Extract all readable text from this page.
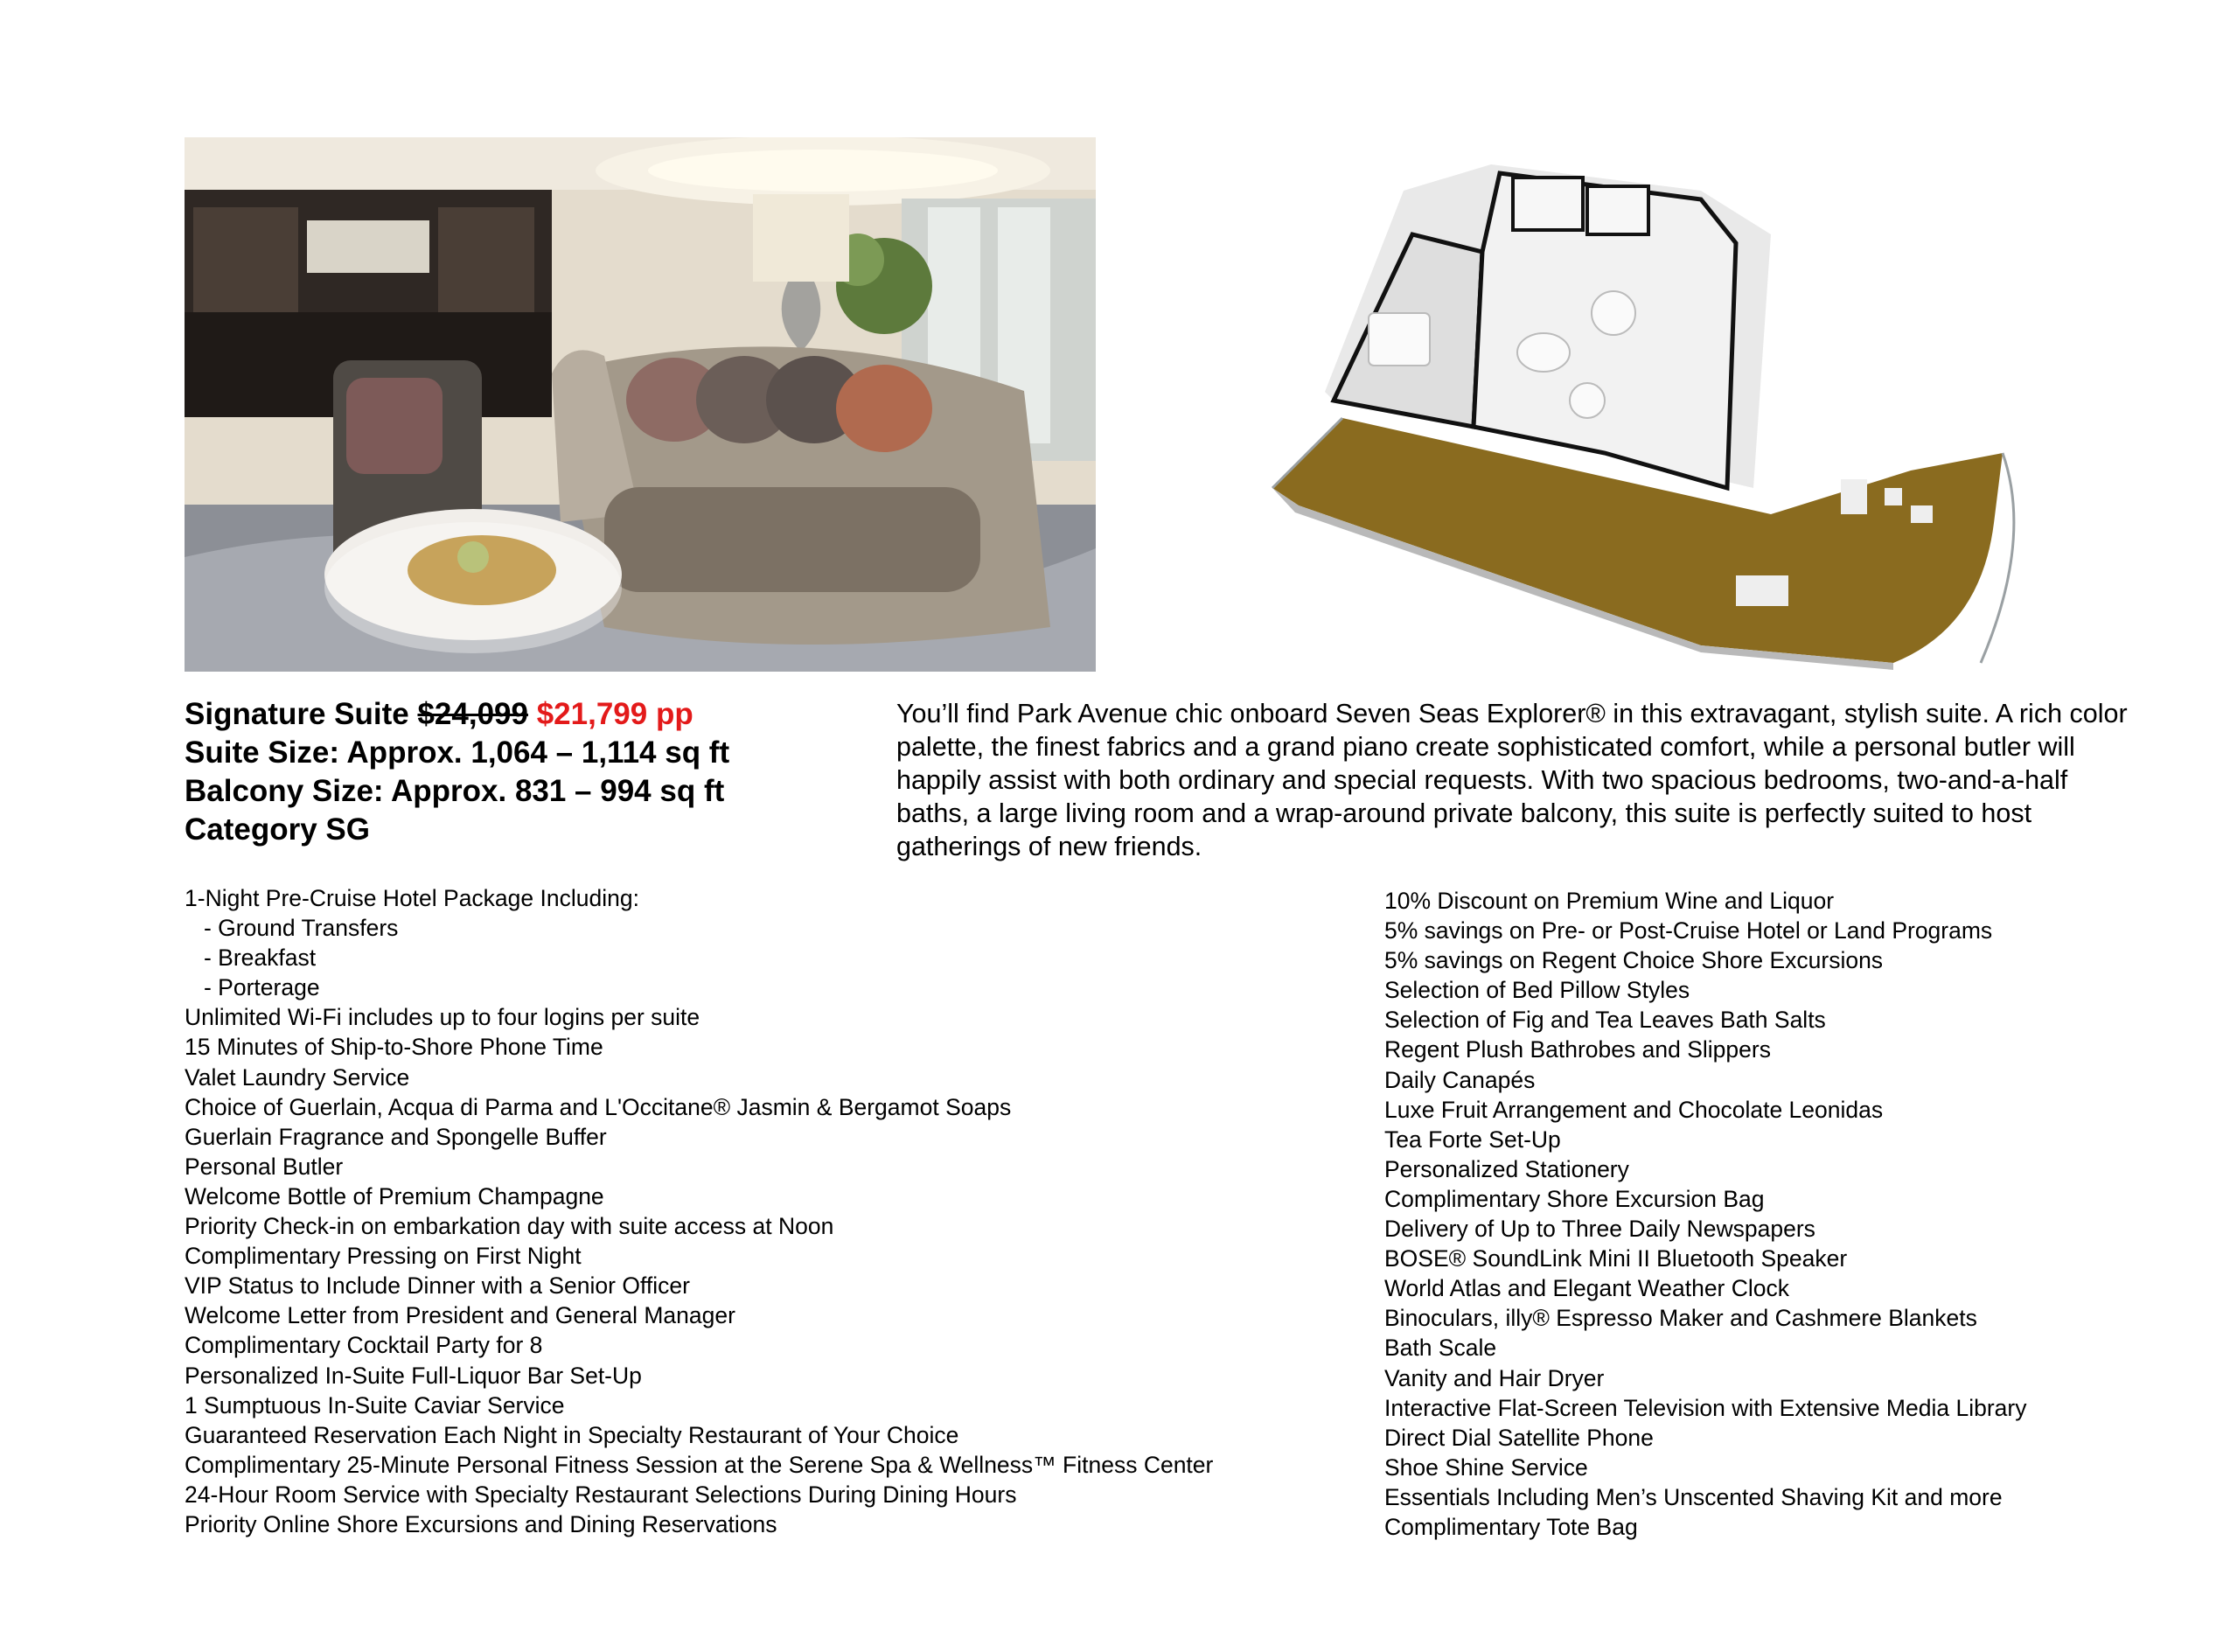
Signature Suite $24,099 $21,799 pp
Suite Size: Approx. 1,064 – 1,114 sq ft
Balcony Size: Approx. 831 – 994 sq ft
Category SG
You’ll find Park Avenue chic onboard Seven Seas Explorer® in this extravagant, stylish suite. A rich color palette, the finest fabrics and a grand piano create sophisticated comfort, while a personal butler will happily assist with both ordinary and special requests. With two spacious bedrooms, two-and-a-half baths, a large living room and a wrap-around private balcony, this suite is perfectly suited to host gatherings of new friends.
1-Night Pre-Cruise Hotel Package Including:
- Ground Transfers
- Breakfast
- Porterage
Unlimited Wi-Fi includes up to four logins per suite
15 Minutes of Ship-to-Shore Phone Time
Valet Laundry Service
Choice of Guerlain, Acqua di Parma and L'Occitane® Jasmin & Bergamot Soaps
Guerlain Fragrance and Spongelle Buffer
Personal Butler
Welcome Bottle of Premium Champagne
Priority Check-in on embarkation day with suite access at Noon
Complimentary Pressing on First Night
VIP Status to Include Dinner with a Senior Officer
Welcome Letter from President and General Manager
Complimentary Cocktail Party for 8
Personalized In-Suite Full-Liquor Bar Set-Up
1 Sumptuous In-Suite Caviar Service
Guaranteed Reservation Each Night in Specialty Restaurant of Your Choice
Complimentary 25-Minute Personal Fitness Session at the Serene Spa & Wellness™ Fitness Center
24-Hour Room Service with Specialty Restaurant Selections During Dining Hours
Priority Online Shore Excursions and Dining Reservations
10% Discount on Premium Wine and Liquor
5% savings on Pre- or Post-Cruise Hotel or Land Programs
5% savings on Regent Choice Shore Excursions
Selection of Bed Pillow Styles
Selection of Fig and Tea Leaves Bath Salts
Regent Plush Bathrobes and Slippers
Daily Canapés
Luxe Fruit Arrangement and Chocolate Leonidas
Tea Forte Set-Up
Personalized Stationery
Complimentary Shore Excursion Bag
Delivery of Up to Three Daily Newspapers
BOSE® SoundLink Mini II Bluetooth Speaker
World Atlas and Elegant Weather Clock
Binoculars, illy® Espresso Maker and Cashmere Blankets
Bath Scale
Vanity and Hair Dryer
Interactive Flat-Screen Television with Extensive Media Library
Direct Dial Satellite Phone
Shoe Shine Service
Essentials Including Men’s Unscented Shaving Kit and more
Complimentary Tote Bag
